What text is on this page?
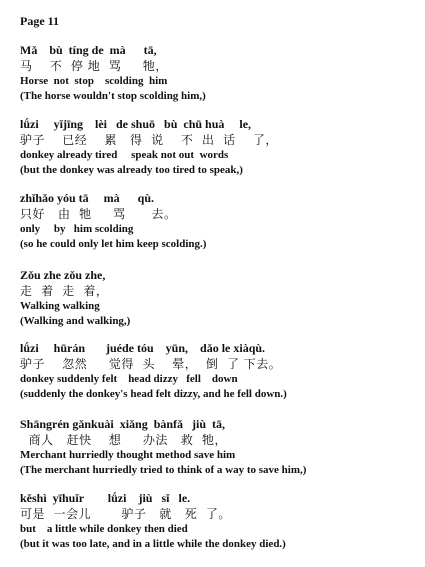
Page 11
Mǎ    bù  tíng de  mà      tā,
马    不  停 地  骂     牠，
Horse  not  stop    scolding  him
(The horse wouldn't stop scolding him,)
lǘzi     yǐjīng    lèi   de shuō   bù  chū huà     le,
驴子    已经    累   得  说    不  出  话    了，
donkey already tired     speak not out  words
(but the donkey was already too tired to speak,)
zhǐhǎo yóu tā     mà      qù.
只好   由  牠     骂      去。
only     by   him scolding
(so he could only let him keep scolding.)
Zǒu zhe zǒu zhe,
走  着  走  着，
Walking walking
(Walking and walking,)
lǘzi     hūrán       juéde tóu    yūn,    dǎo le xiàqù.
驴子    忽然     觉得  头    晕，  倒  了 下去。
donkey suddenly felt    head dizzy   fell    down
(suddenly the donkey's head felt dizzy, and he fell down.)
Shāngrén gǎnkuài  xiǎng  bànfǎ   jiù  tā,
商人   赶快    想     办法   救  牠，
Merchant hurriedly thought method save him
(The merchant hurriedly tried to think of a way to save him,)
kěshì  yīhuǐr        lǘzi    jiù   sǐ   le.
可是  一会儿       驴子   就   死  了。
but    a little while donkey then died
(but it was too late, and in a little while the donkey died.)
